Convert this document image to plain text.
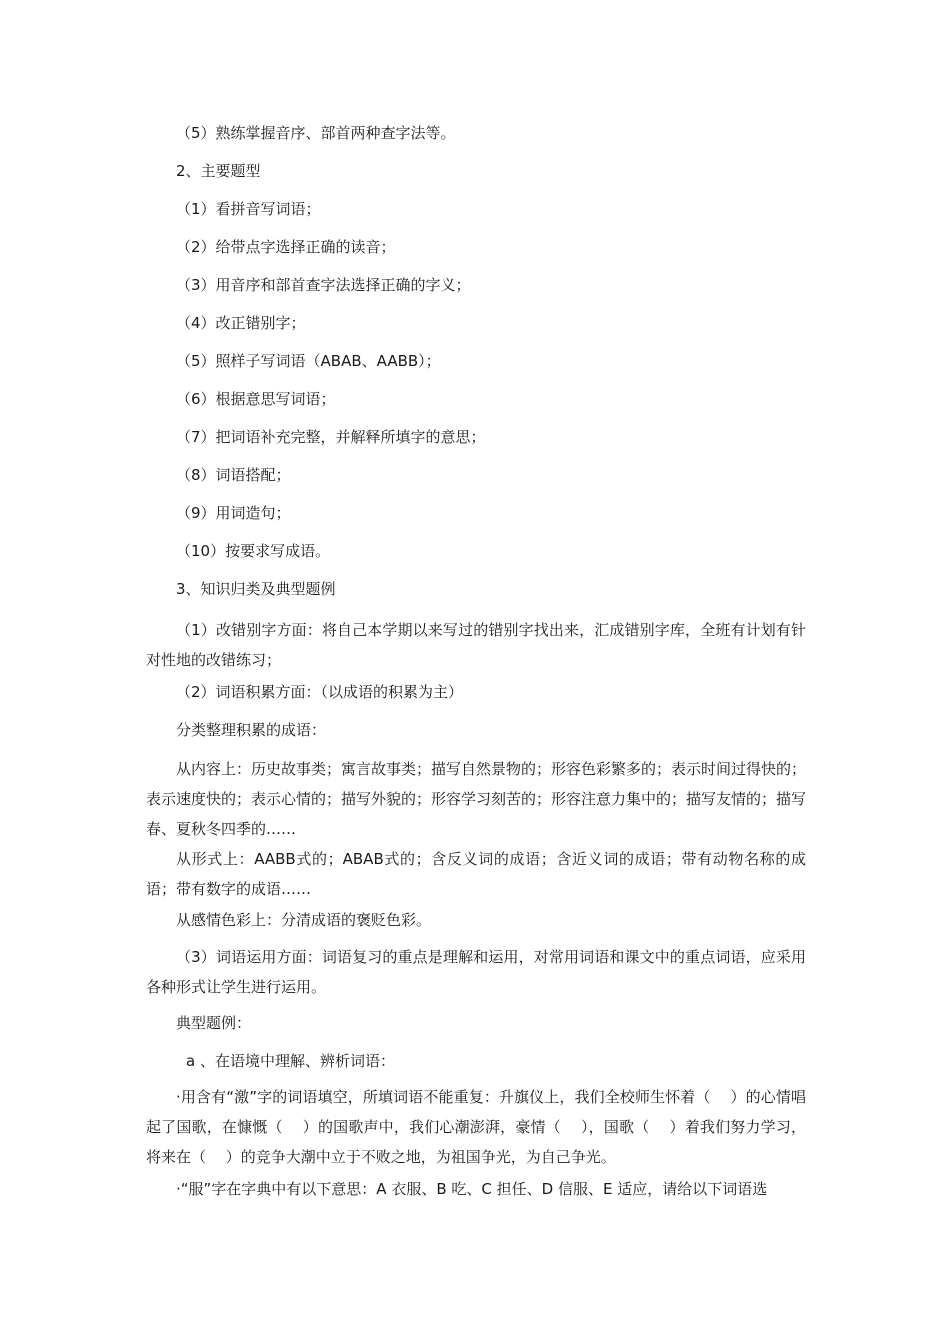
（5）熟练掌握音序、部首两种查字法等。
2、主要题型
（1）看拼音写词语；
（2）给带点字选择正确的读音；
（3）用音序和部首查字法选择正确的字义；
（4）改正错别字；
（5）照样子写词语（ABAB、AABB）；
（6）根据意思写词语；
（7）把词语补充完整，并解释所填字的意思；
（8）词语搭配；
（9）用词造句；
（10）按要求写成语。
3、知识归类及典型题例
（1）改错别字方面：将自己本学期以来写过的错别字找出来，汇成错别字库，全班有计划有针对性地的改错练习；
（2）词语积累方面：（以成语的积累为主）
分类整理积累的成语：
从内容上：历史故事类；寓言故事类；描写自然景物的；形容色彩繁多的；表示时间过得快的；表示速度快的；表示心情的；描写外貌的；形容学习刻苦的；形容注意力集中的；描写友情的；描写春、夏秋冬四季的……
从形式上：AABB式的；ABAB式的；含反义词的成语；含近义词的成语；带有动物名称的成语；带有数字的成语……
从感情色彩上：分清成语的褒贬色彩。
（3）词语运用方面：词语复习的重点是理解和运用，对常用词语和课文中的重点词语，应采用各种形式让学生进行运用。
典型题例：
a 、在语境中理解、辨析词语：
·用含有“激”字的词语填空，所填词语不能重复：升旗仪上，我们全校师生怀着（　 ）的心情唱起了国歌，在慷慨（　 ）的国歌声中，我们心潮澎湃，豪情（　 ），国歌（　 ）着我们努力学习，将来在（　 ）的竞争大潮中立于不败之地，为祖国争光，为自己争光。
·“服”字在字典中有以下意思：A 衣服、B 吃、C 担任、D 信服、E 适应，请给以下词语选
